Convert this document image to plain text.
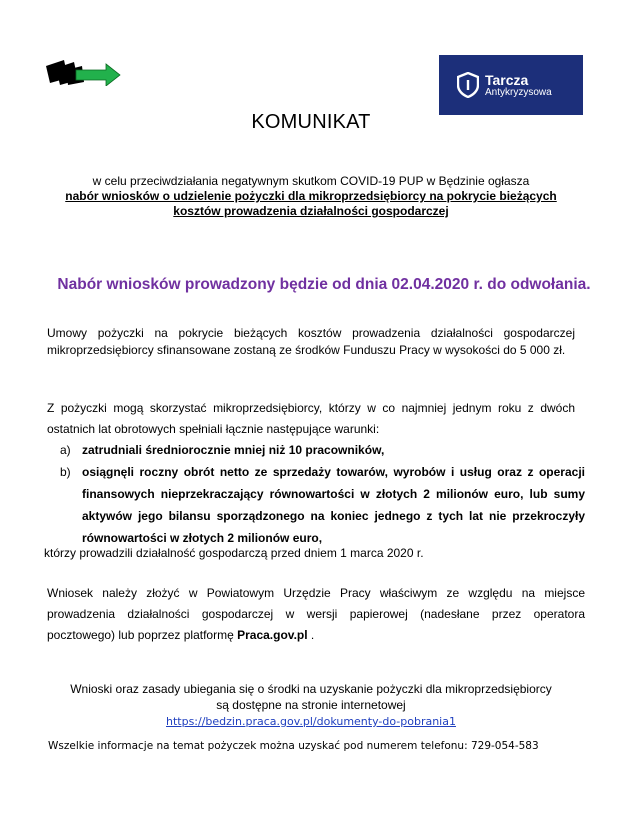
Tarcza
Antykryzysowa
KOMUNIKAT
w celu przeciwdziałania negatywnym skutkom COVID-19 PUP w Będzinie ogłasza
nabór wniosków o udzielenie pożyczki dla mikroprzedsiębiorcy na pokrycie bieżących
kosztów prowadzenia działalności gospodarczej
Nabór wniosków prowadzony będzie od dnia 02.04.2020 r. do odwołania.
Umowy pożyczki na pokrycie bieżących kosztów prowadzenia działalności gospodarczej
mikroprzedsiębiorcy sfinansowane zostaną ze środków Funduszu Pracy w wysokości do 5 000 zł.
Z pożyczki mogą skorzystać mikroprzedsiębiorcy, którzy w co najmniej jednym roku z dwóch
ostatnich lat obrotowych spełniali łącznie następujące warunki:
a) zatrudniali średniorocznie mniej niż 10 pracowników,
b) osiągnęli roczny obrót netto ze sprzedaży towarów, wyrobów i usług oraz z operacji finansowych nieprzekraczający równowartości w złotych 2 milionów euro, lub sumy aktywów jego bilansu sporządzonego na koniec jednego z tych lat nie przekroczyły równowartości w złotych 2 milionów euro,
którzy prowadzili działalność gospodarczą przed dniem 1 marca 2020 r.
Wniosek należy złożyć w Powiatowym Urzędzie Pracy właściwym ze względu na miejsce
prowadzenia działalności gospodarczej w wersji papierowej (nadesłane przez operatora
pocztowego) lub poprzez platformę Praca.gov.pl .
Wnioski oraz zasady ubiegania się o środki na uzyskanie pożyczki dla mikroprzedsiębiorcy
są dostępne na stronie internetowej
https://bedzin.praca.gov.pl/dokumenty-do-pobrania1
Wszelkie informacje na temat pożyczek można uzyskać pod numerem telefonu: 729-054-583
